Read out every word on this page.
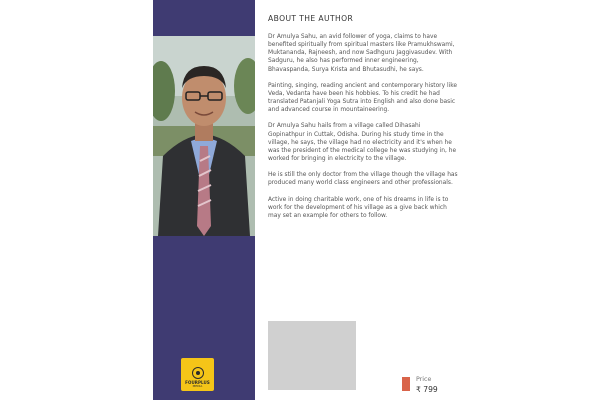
FOURPLUS
MEDIA
ABOUT THE AUTHOR

Dr Amulya Sahu, an avid follower of yoga, claims to have benefited spiritually from spiritual masters like Pramukhswami, Muktananda, Rajneesh, and now Sadhguru Jaggivasudev. With Sadguru, he also has performed inner engineering, Bhavaspanda, Surya Krista and Bhutasudhi, he says.

Painting, singing, reading ancient and contemporary history like Veda, Vedanta have been his hobbies. To his credit he had translated Patanjali Yoga Sutra into English and also done basic and advanced course in mountaineering.

Dr Amulya Sahu hails from a village called Dihasahi Gopinathpur in Cuttak, Odisha. During his study time in the village, he says, the village had no electricity and it's when he was the president of the medical college he was studying in, he worked for bringing in electricity to the village.

He is still the only doctor from the village though the village has produced many world class engineers and other professionals.

Active in doing charitable work, one of his dreams in life is to work for the development of his village as a give back which may set an example for others to follow.

Price
₹ 799
